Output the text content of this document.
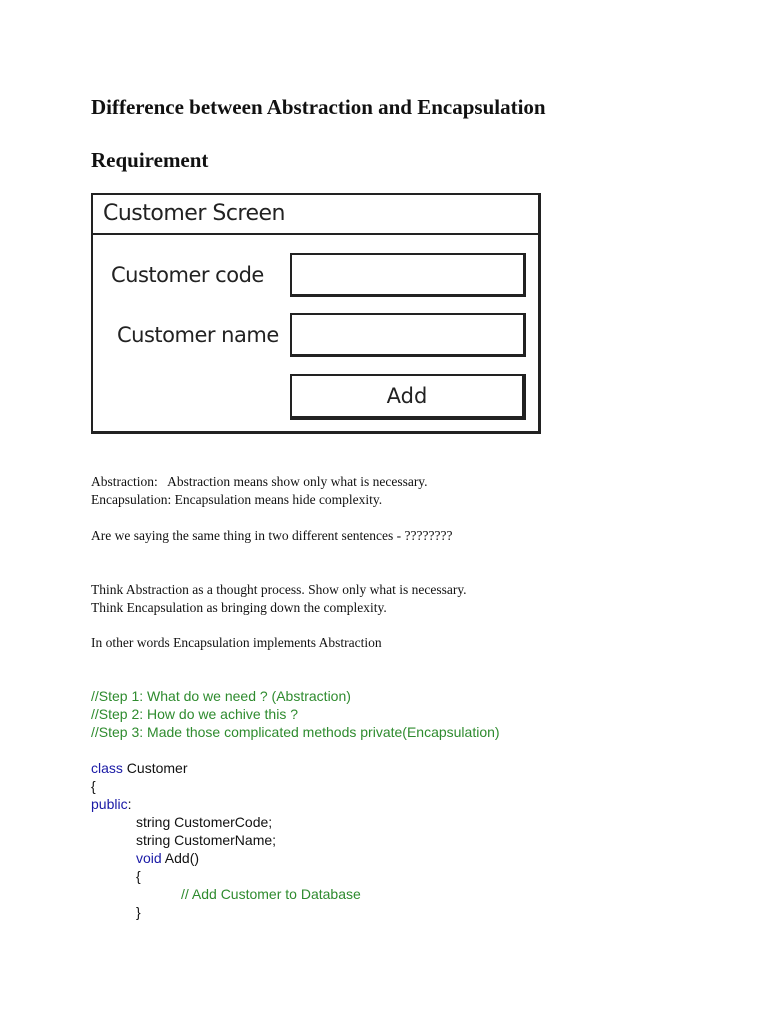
Difference between Abstraction and Encapsulation
Requirement
Customer Screen
Customer code
Customer name
Add
Abstraction:   Abstraction means show only what is necessary.
Encapsulation: Encapsulation means hide complexity.
Are we saying the same thing in two different sentences - ????????
Think Abstraction as a thought process. Show only what is necessary.
Think Encapsulation as bringing down the complexity.
In other words Encapsulation implements Abstraction
//Step 1: What do we need ? (Abstraction)
//Step 2: How do we achive this ?
//Step 3: Made those complicated methods private(Encapsulation)
class Customer
{
public:
string CustomerCode;
string CustomerName;
void Add()
{
// Add Customer to Database
}
